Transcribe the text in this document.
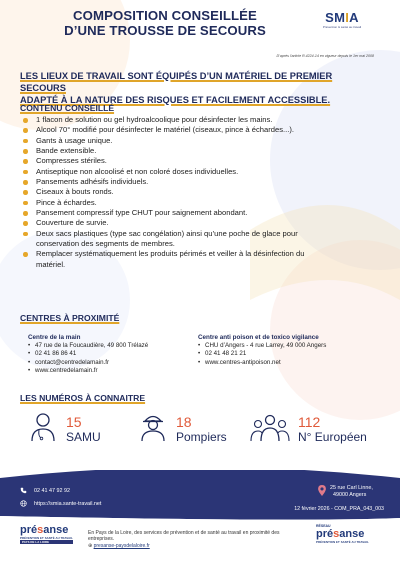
COMPOSITION CONSEILLÉE
D’UNE TROUSSE DE SECOURS
SMIA
Prévention & santé au travail
D’après l’article R.4224-14 en vigueur depuis le 1er mai 2008
LES LIEUX DE TRAVAIL SONT ÉQUIPÉS D’UN MATÉRIEL DE PREMIER SECOURS
ADAPTÉ À LA NATURE DES RISQUES ET FACILEMENT ACCESSIBLE.
CONTENU CONSEILLÉ
1 flacon de solution ou gel hydroalcoolique pour désinfecter les mains.
Alcool 70° modifié pour désinfecter le matériel (ciseaux, pince à échardes...).
Gants à usage unique.
Bande extensible.
Compresses stériles.
Antiseptique non alcoolisé et non coloré doses individuelles.
Pansements adhésifs individuels.
Ciseaux à bouts ronds.
Pince à échardes.
Pansement compressif type CHUT pour saignement abondant.
Couverture de survie.
Deux sacs plastiques (type sac congélation) ainsi qu’une poche de glace pour
conservation des segments de membres.
Remplacer systématiquement les produits périmés et veiller à la désinfection du
matériel.
CENTRES À PROXIMITÉ
Centre de la main
• 47 rue de la Foucaudière, 49 800 Trélazé
• 02 41 86 86 41
• contact@centredelamain.fr
• www.centredelamain.fr
Centre anti poison et de toxico vigilance
• CHU d’Angers - 4 rue Larrey, 49 000 Angers
• 02 41 48 21 21
• www.centres-antipoison.net
LES NUMÉROS À CONNAITRE
15
SAMU
18
Pompiers
112
N° Européen
02 41 47 92 92
https://smia.sante-travail.net
25 rue Carl Linne,
49000 Angers
12 février 2026 - COM_PRA_043_003
présanse
PRÉVENTION ET SANTÉ AU TRAVAIL
PAYS DE LA LOIRE
En Pays de la Loire, des services de prévention et de santé au travail en proximité des
entreprises.
⊕ presanse-paysdelaloire.fr
RÉSEAU
présanse
PRÉVENTION ET SANTÉ AU TRAVAIL
